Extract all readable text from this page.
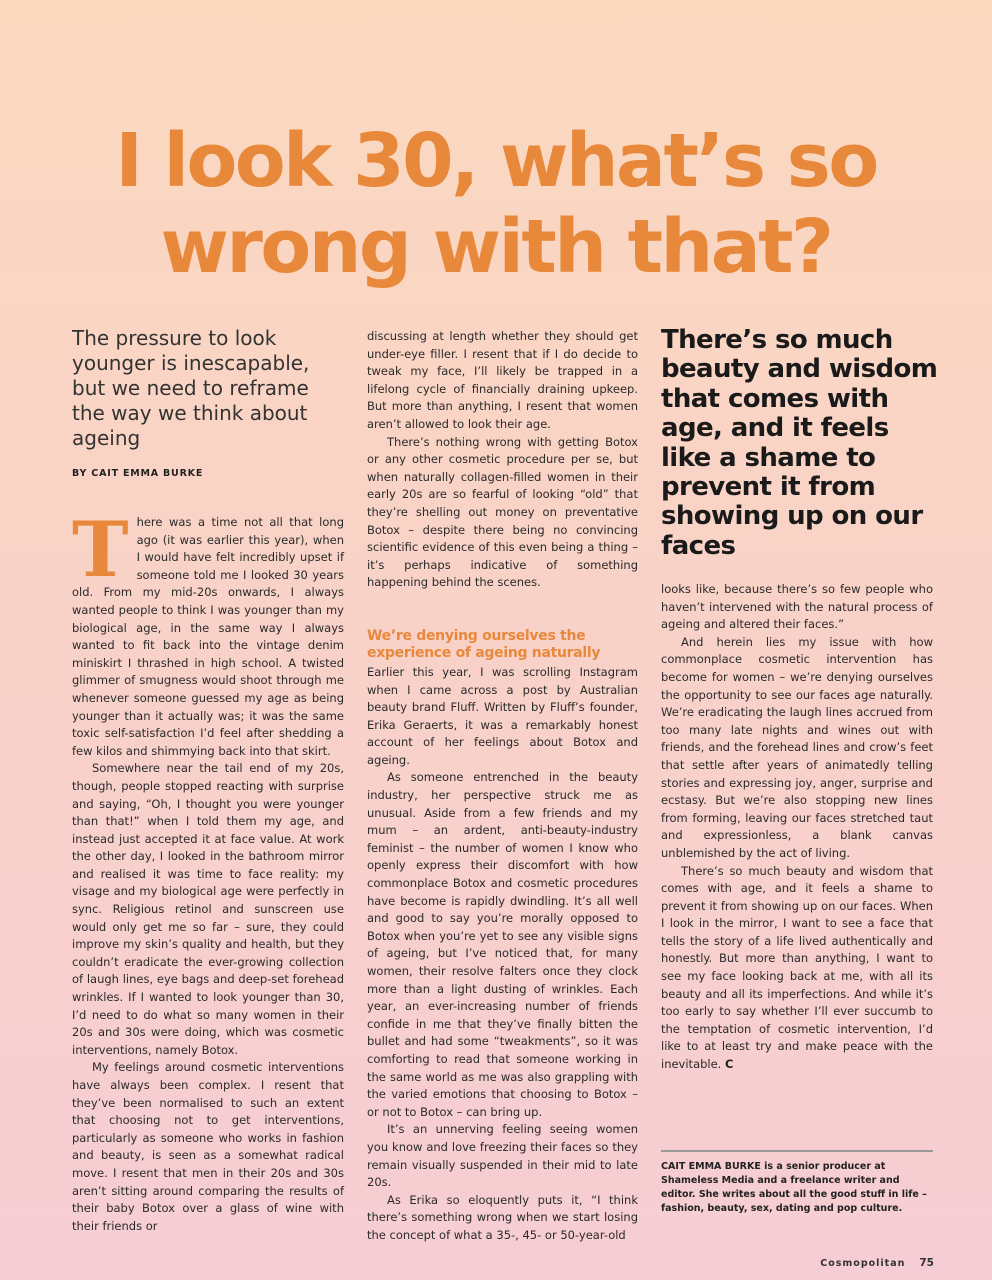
I look 30, what’s so
wrong with that?
The pressure to look younger is inescapable, but we need to reframe the way we think about ageing
BY CAIT EMMA BURKE

There was a time not all that long ago (it was earlier this year), when I would have felt incredibly upset if someone told me I looked 30 years old. From my mid-20s onwards, I always wanted people to think I was younger than my biological age, in the same way I always wanted to fit back into the vintage denim miniskirt I thrashed in high school. A twisted glimmer of smugness would shoot through me whenever someone guessed my age as being younger than it actually was; it was the same toxic self-satisfaction I’d feel after shedding a few kilos and shimmying back into that skirt.

Somewhere near the tail end of my 20s, though, people stopped reacting with surprise and saying, “Oh, I thought you were younger than that!” when I told them my age, and instead just accepted it at face value. At work the other day, I looked in the bathroom mirror and realised it was time to face reality: my visage and my biological age were perfectly in sync. Religious retinol and sunscreen use would only get me so far – sure, they could improve my skin’s quality and health, but they couldn’t eradicate the ever-growing collection of laugh lines, eye bags and deep-set forehead wrinkles. If I wanted to look younger than 30, I’d need to do what so many women in their 20s and 30s were doing, which was cosmetic interventions, namely Botox.

My feelings around cosmetic interventions have always been complex. I resent that they’ve been normalised to such an extent that choosing not to get interventions, particularly as someone who works in fashion and beauty, is seen as a somewhat radical move. I resent that men in their 20s and 30s aren’t sitting around comparing the results of their baby Botox over a glass of wine with their friends or

discussing at length whether they should get under-eye filler. I resent that if I do decide to tweak my face, I’ll likely be trapped in a lifelong cycle of financially draining upkeep. But more than anything, I resent that women aren’t allowed to look their age.

There’s nothing wrong with getting Botox or any other cosmetic procedure per se, but when naturally collagen-filled women in their early 20s are so fearful of looking “old” that they’re shelling out money on preventative Botox – despite there being no convincing scientific evidence of this even being a thing – it’s perhaps indicative of something happening behind the scenes.

We’re denying ourselves the experience of ageing naturally

Earlier this year, I was scrolling Instagram when I came across a post by Australian beauty brand Fluff. Written by Fluff’s founder, Erika Geraerts, it was a remarkably honest account of her feelings about Botox and ageing.

As someone entrenched in the beauty industry, her perspective struck me as unusual. Aside from a few friends and my mum – an ardent, anti-beauty-industry feminist – the number of women I know who openly express their discomfort with how commonplace Botox and cosmetic procedures have become is rapidly dwindling. It’s all well and good to say you’re morally opposed to Botox when you’re yet to see any visible signs of ageing, but I’ve noticed that, for many women, their resolve falters once they clock more than a light dusting of wrinkles. Each year, an ever-increasing number of friends confide in me that they’ve finally bitten the bullet and had some “tweakments”, so it was comforting to read that someone working in the same world as me was also grappling with the varied emotions that choosing to Botox – or not to Botox – can bring up.

It’s an unnerving feeling seeing women you know and love freezing their faces so they remain visually suspended in their mid to late 20s.

As Erika so eloquently puts it, “I think there’s something wrong when we start losing the concept of what a 35-, 45- or 50-year-old

There’s so much beauty and wisdom that comes with age, and it feels like a shame to prevent it from showing up on our faces

looks like, because there’s so few people who haven’t intervened with the natural process of ageing and altered their faces.”

And herein lies my issue with how commonplace cosmetic intervention has become for women – we’re denying ourselves the opportunity to see our faces age naturally. We’re eradicating the laugh lines accrued from too many late nights and wines out with friends, and the forehead lines and crow’s feet that settle after years of animatedly telling stories and expressing joy, anger, surprise and ecstasy. But we’re also stopping new lines from forming, leaving our faces stretched taut and expressionless, a blank canvas unblemished by the act of living.

There’s so much beauty and wisdom that comes with age, and it feels a shame to prevent it from showing up on our faces. When I look in the mirror, I want to see a face that tells the story of a life lived authentically and honestly. But more than anything, I want to see my face looking back at me, with all its beauty and all its imperfections. And while it’s too early to say whether I’ll ever succumb to the temptation of cosmetic intervention, I’d like to at least try and make peace with the inevitable. C

CAIT EMMA BURKE is a senior producer at Shameless Media and a freelance writer and editor. She writes about all the good stuff in life – fashion, beauty, sex, dating and pop culture.
Cosmopolitan 75
